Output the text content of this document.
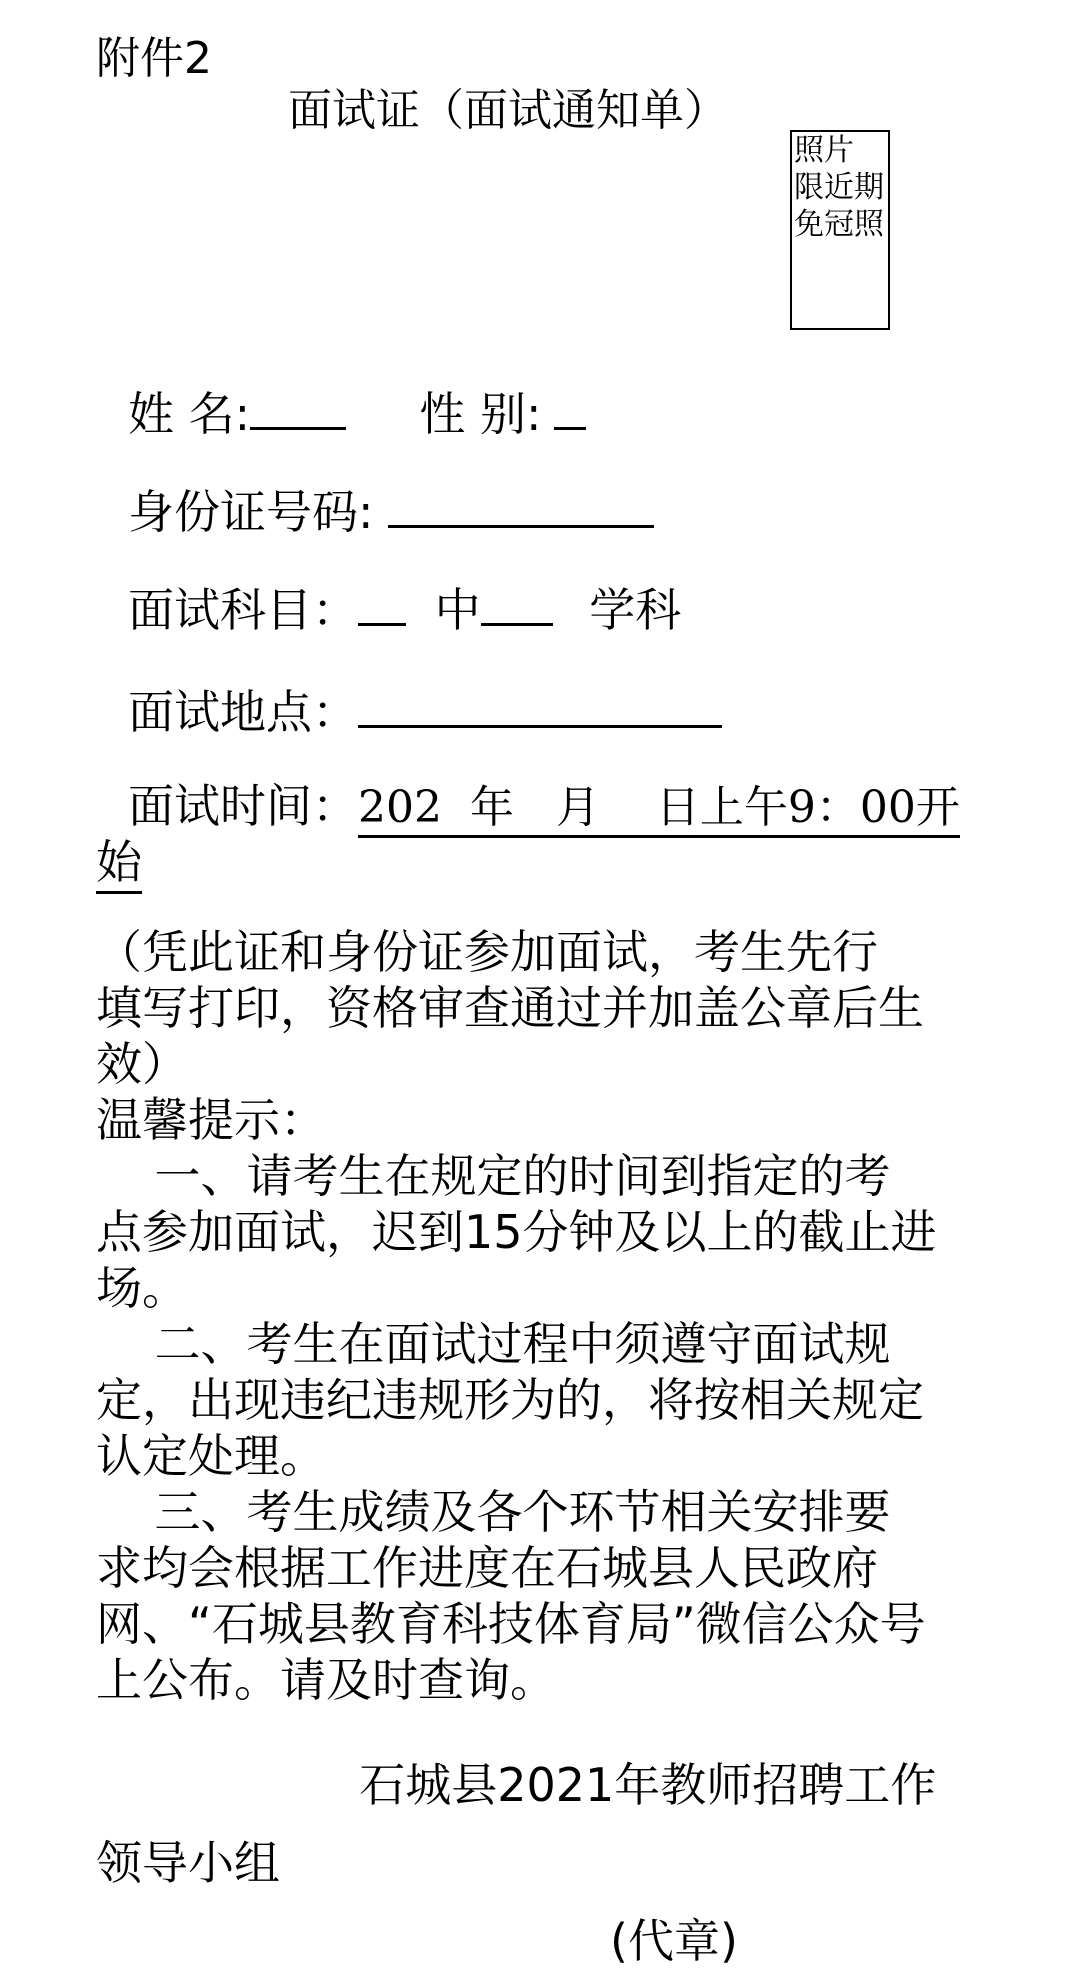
附件2
面试证（面试通知单）
照片
限近期
免冠照
姓 名:	性 别:
身份证号码:
面试科目： 中 学科
面试地点：
面试时间：202  年   月    日上午9：00开
始

（凭此证和身份证参加面试，考生先行

填写打印，资格审查通过并加盖公章后生

效）

温馨提示：

一、请考生在规定的时间到指定的考

点参加面试，迟到15分钟及以上的截止进

场。

二、考生在面试过程中须遵守面试规

定，出现违纪违规形为的，将按相关规定

认定处理。

三、考生成绩及各个环节相关安排要

求均会根据工作进度在石城县人民政府

网、“石城县教育科技体育局”微信公众号

上公布。请及时查询。

石城县2021年教师招聘工作

领导小组

(代章)
